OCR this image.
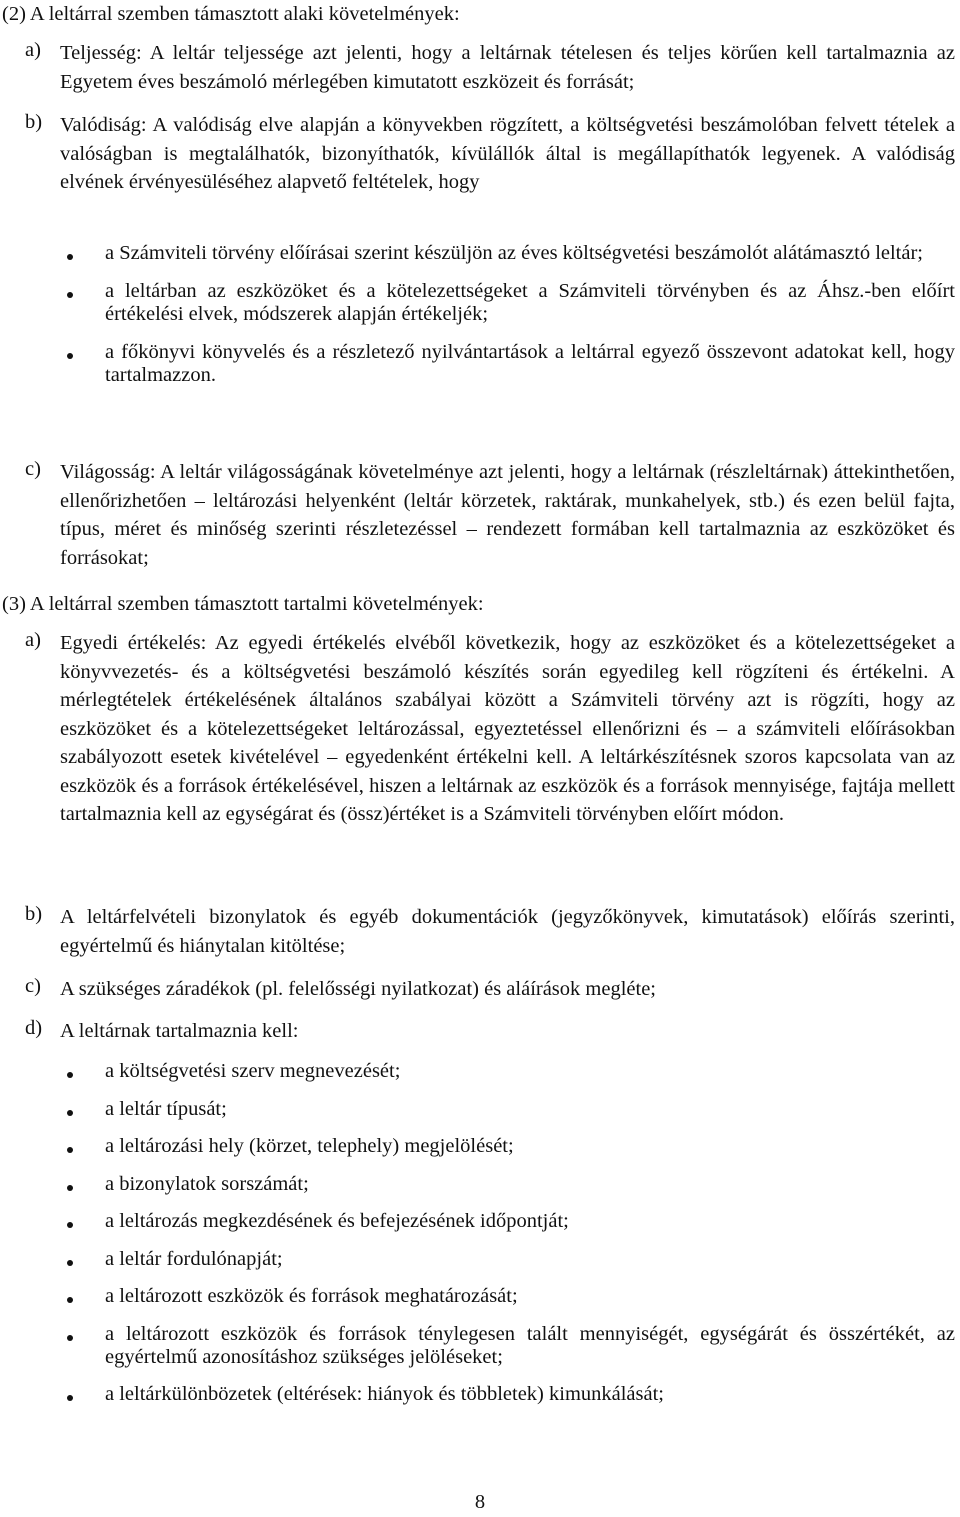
(2) A leltárral szemben támasztott alaki követelmények:

a) Teljesség: A leltár teljessége azt jelenti, hogy a leltárnak tételesen és teljes körűen kell tartalmaznia az Egyetem éves beszámoló mérlegében kimutatott eszközeit és forrását;

b) Valódiság: A valódiság elve alapján a könyvekben rögzített, a költségvetési beszámolóban felvett tételek a valóságban is megtalálhatók, bizonyíthatók, kívülállók által is megállapíthatók legyenek. A valódiság elvének érvényesüléséhez alapvető feltételek, hogy

a Számviteli törvény előírásai szerint készüljön az éves költségvetési beszámolót alátámasztó leltár;
a leltárban az eszközöket és a kötelezettségeket a Számviteli törvényben és az Áhsz.-ben előírt értékelési elvek, módszerek alapján értékeljék;
a főkönyvi könyvelés és a részletező nyilvántartások a leltárral egyező összevont adatokat kell, hogy tartalmazzon.
c) Világosság: A leltár világosságának követelménye azt jelenti, hogy a leltárnak (részleltárnak) áttekinthetően, ellenőrizhetően – leltározási helyenként (leltár körzetek, raktárak, munkahelyek, stb.) és ezen belül fajta, típus, méret és minőség szerinti részletezéssel – rendezett formában kell tartalmaznia az eszközöket és forrásokat;

(3) A leltárral szemben támasztott tartalmi követelmények:

a) Egyedi értékelés: Az egyedi értékelés elvéből következik, hogy az eszközöket és a kötelezettségeket a könyvvezetés- és a költségvetési beszámoló készítés során egyedileg kell rögzíteni és értékelni. A mérlegtételek értékelésének általános szabályai között a Számviteli törvény azt is rögzíti, hogy az eszközöket és a kötelezettségeket leltározással, egyeztetéssel ellenőrizni és – a számviteli előírásokban szabályozott esetek kivételével – egyedenként értékelni kell. A leltárkészítésnek szoros kapcsolata van az eszközök és a források értékelésével, hiszen a leltárnak az eszközök és a források mennyisége, fajtája mellett tartalmaznia kell az egységárat és (össz)értéket is a Számviteli törvényben előírt módon.

b) A leltárfelvételi bizonylatok és egyéb dokumentációk (jegyzőkönyvek, kimutatások) előírás szerinti, egyértelmű és hiánytalan kitöltése;

c) A szükséges záradékok (pl. felelősségi nyilatkozat) és aláírások megléte;

d) A leltárnak tartalmaznia kell:

a költségvetési szerv megnevezését;
a leltár típusát;
a leltározási hely (körzet, telephely) megjelölését;
a bizonylatok sorszámát;
a leltározás megkezdésének és befejezésének időpontját;
a leltár fordulónapját;
a leltározott eszközök és források meghatározását;
a leltározott eszközök és források ténylegesen talált mennyiségét, egységárát és összértékét, az egyértelmű azonosításhoz szükséges jelöléseket;
a leltárkülönbözetek (eltérések: hiányok és többletek) kimunkálását;

8
